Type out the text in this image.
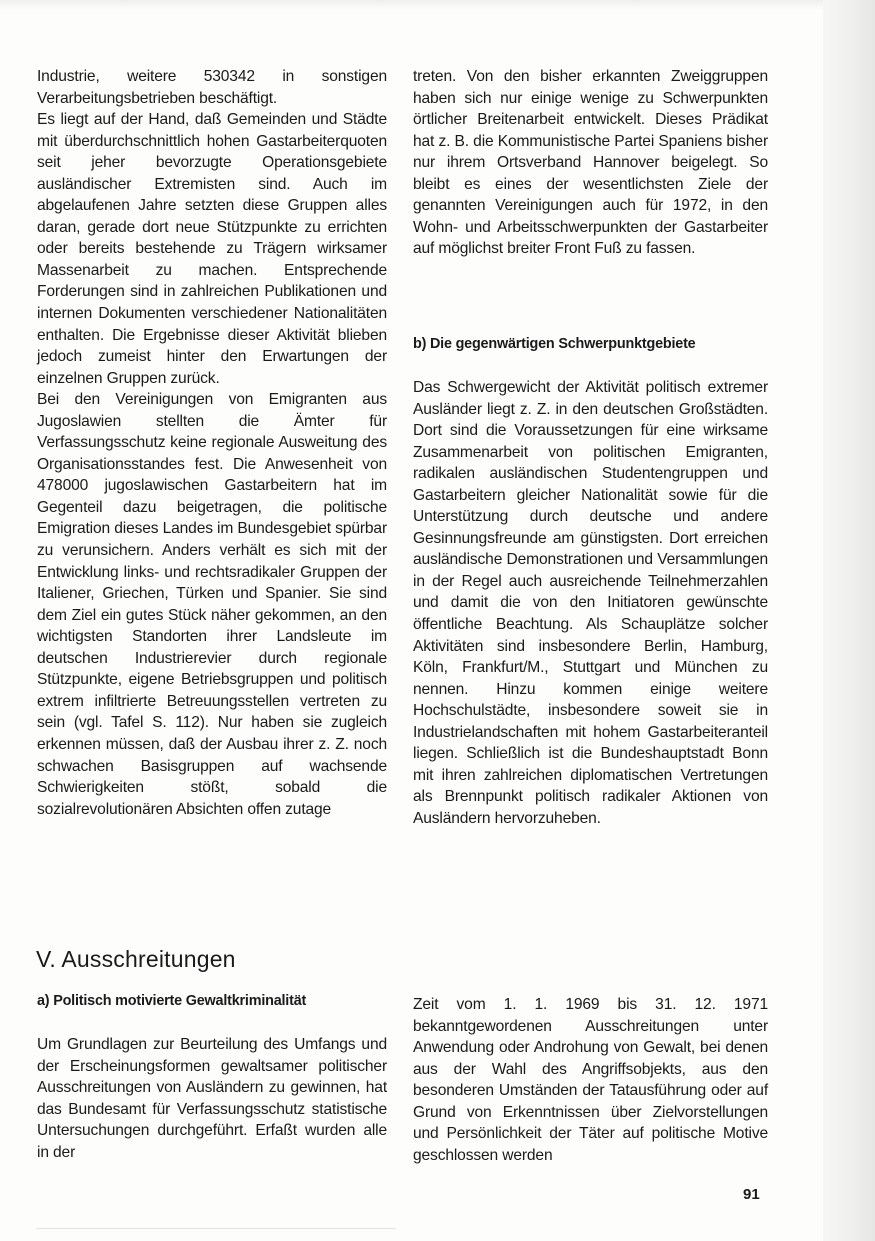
Industrie, weitere 530342 in sonstigen Verarbeitungsbetrieben beschäftigt.

Es liegt auf der Hand, daß Gemeinden und Städte mit überdurchschnittlich hohen Gastarbeiterquoten seit jeher bevorzugte Operationsgebiete ausländischer Extremisten sind. Auch im abgelaufenen Jahre setzten diese Gruppen alles daran, gerade dort neue Stützpunkte zu errichten oder bereits bestehende zu Trägern wirksamer Massenarbeit zu machen. Entsprechende Forderungen sind in zahlreichen Publikationen und internen Dokumenten verschiedener Nationalitäten enthalten. Die Ergebnisse dieser Aktivität blieben jedoch zumeist hinter den Erwartungen der einzelnen Gruppen zurück.

Bei den Vereinigungen von Emigranten aus Jugoslawien stellten die Ämter für Verfassungsschutz keine regionale Ausweitung des Organisationsstandes fest. Die Anwesenheit von 478000 jugoslawischen Gastarbeitern hat im Gegenteil dazu beigetragen, die politische Emigration dieses Landes im Bundesgebiet spürbar zu verunsichern. Anders verhält es sich mit der Entwicklung links- und rechtsradikaler Gruppen der Italiener, Griechen, Türken und Spanier. Sie sind dem Ziel ein gutes Stück näher gekommen, an den wichtigsten Standorten ihrer Landsleute im deutschen Industrierevier durch regionale Stützpunkte, eigene Betriebsgruppen und politisch extrem infiltrierte Betreuungsstellen vertreten zu sein (vgl. Tafel S. 112). Nur haben sie zugleich erkennen müssen, daß der Ausbau ihrer z. Z. noch schwachen Basisgruppen auf wachsende Schwierigkeiten stößt, sobald die sozialrevolutionären Absichten offen zutage

treten. Von den bisher erkannten Zweiggruppen haben sich nur einige wenige zu Schwerpunkten örtlicher Breitenarbeit entwickelt. Dieses Prädikat hat z. B. die Kommunistische Partei Spaniens bisher nur ihrem Ortsverband Hannover beigelegt. So bleibt es eines der wesentlichsten Ziele der genannten Vereinigungen auch für 1972, in den Wohn- und Arbeitsschwerpunkten der Gastarbeiter auf möglichst breiter Front Fuß zu fassen.

b) Die gegenwärtigen Schwerpunktgebiete

Das Schwergewicht der Aktivität politisch extremer Ausländer liegt z. Z. in den deutschen Großstädten. Dort sind die Voraussetzungen für eine wirksame Zusammenarbeit von politischen Emigranten, radikalen ausländischen Studentengruppen und Gastarbeitern gleicher Nationalität sowie für die Unterstützung durch deutsche und andere Gesinnungsfreunde am günstigsten. Dort erreichen ausländische Demonstrationen und Versammlungen in der Regel auch ausreichende Teilnehmerzahlen und damit die von den Initiatoren gewünschte öffentliche Beachtung. Als Schauplätze solcher Aktivitäten sind insbesondere Berlin, Hamburg, Köln, Frankfurt/M., Stuttgart und München zu nennen. Hinzu kommen einige weitere Hochschulstädte, insbesondere soweit sie in Industrielandschaften mit hohem Gastarbeiteranteil liegen. Schließlich ist die Bundeshauptstadt Bonn mit ihren zahlreichen diplomatischen Vertretungen als Brennpunkt politisch radikaler Aktionen von Ausländern hervorzuheben.

V. Ausschreitungen
a) Politisch motivierte Gewaltkriminalität

Um Grundlagen zur Beurteilung des Umfangs und der Erscheinungsformen gewaltsamer politischer Ausschreitungen von Ausländern zu gewinnen, hat das Bundesamt für Verfassungsschutz statistische Untersuchungen durchgeführt. Erfaßt wurden alle in der

Zeit vom 1. 1. 1969 bis 31. 12. 1971 bekanntgewordenen Ausschreitungen unter Anwendung oder Androhung von Gewalt, bei denen aus der Wahl des Angriffsobjekts, aus den besonderen Umständen der Tatausführung oder auf Grund von Erkenntnissen über Zielvorstellungen und Persönlichkeit der Täter auf politische Motive geschlossen werden

91
